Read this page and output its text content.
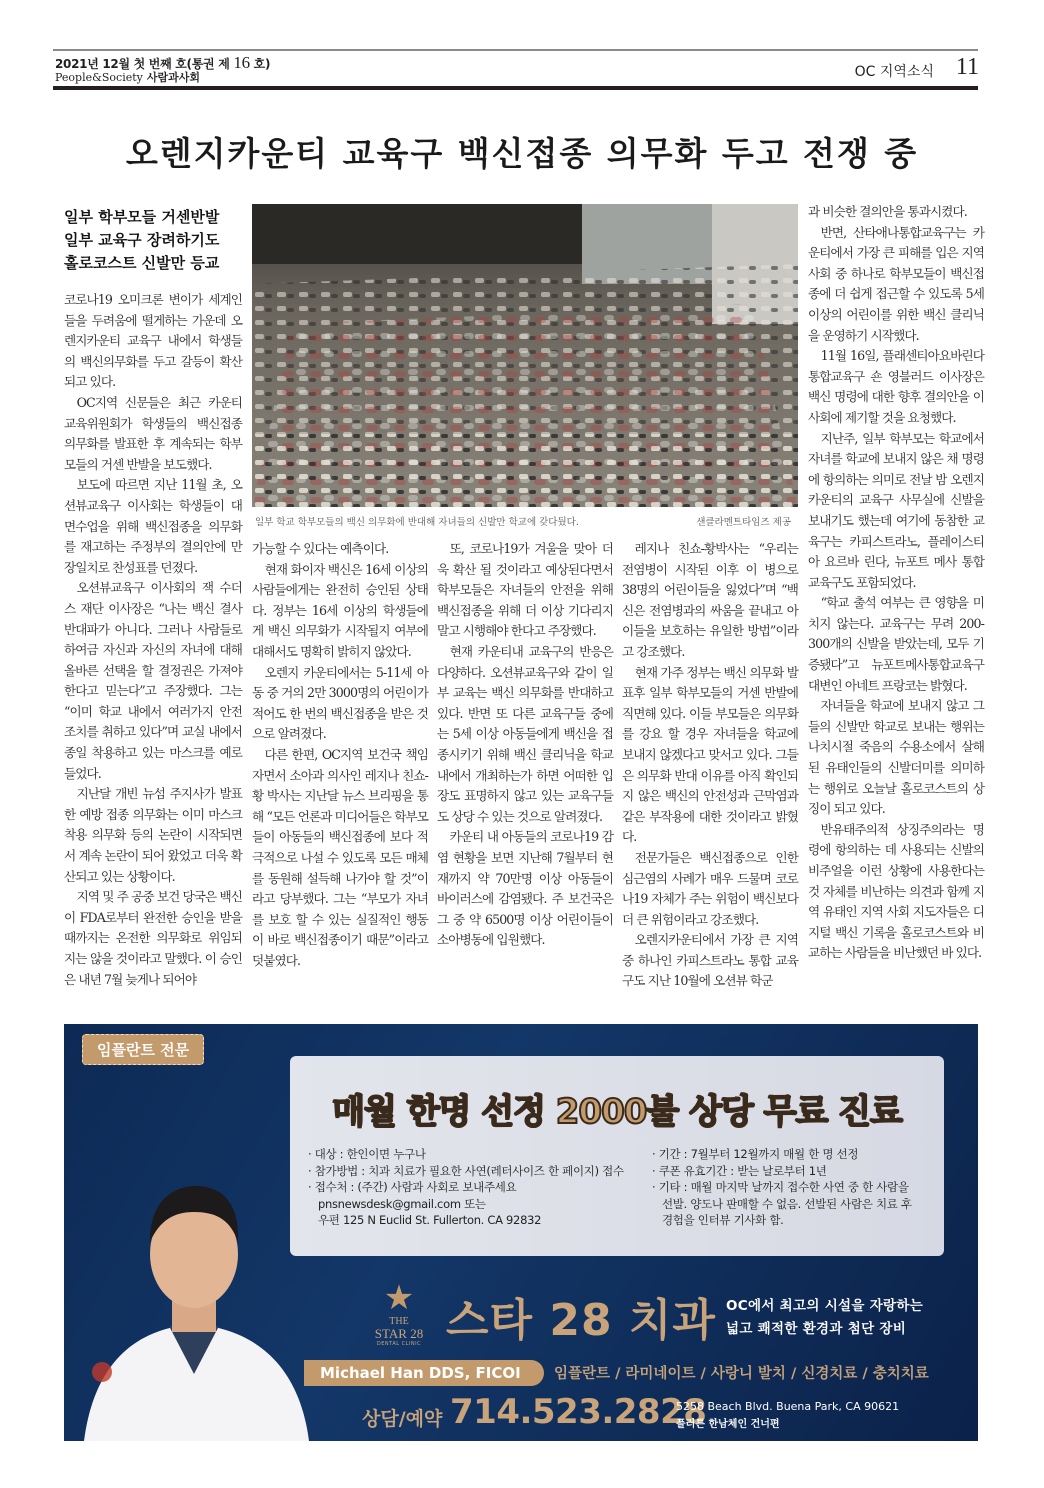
2021년 12월 첫 번째 호(통권 제 16 호)
People&Society 사람과사회	OC 지역소식 11
오렌지카운티 교육구 백신접종 의무화 두고 전쟁 중
일부 학부모들 거센반발
일부 교육구 장려하기도
홀로코스트 신발만 등교
일부 학교 학부모들의 백신 의무화에 반대해 자녀들의 신발만 학교에 갖다뒀다.	샌클라멘트타임즈 제공

코로나19 오미크론 변이가 세계인들을 두려움에 떨게하는 가운데 오렌지카운티 교육구 내에서 학생들의 백신의무화를 두고 갈등이 확산되고 있다.

OC지역 신문들은 최근 카운티 교육위원회가 학생들의 백신접종 의무화를 발표한 후 계속되는 학부모들의 거센 반발을 보도했다.

보도에 따르면 지난 11월 초, 오션뷰교육구 이사회는 학생들이 대면수업을 위해 백신접종을 의무화를 재고하는 주정부의 결의안에 만장일치로 찬성표를 던졌다.

오션뷰교육구 이사회의 잭 수더스 재단 이사장은 “나는 백신 결사 반대파가 아니다. 그러나 사람들로 하여금 자신과 자신의 자녀에 대해 올바른 선택을 할 결정권은 가져야 한다고 믿는다”고 주장했다. 그는 “이미 학교 내에서 여러가지 안전 조치를 취하고 있다”며 교실 내에서 종일 착용하고 있는 마스크를 예로 들었다.

지난달 개빈 뉴섬 주지사가 발표한 예방 접종 의무화는 이미 마스크 착용 의무화 등의 논란이 시작되면서 계속 논란이 되어 왔었고 더욱 확산되고 있는 상황이다.

지역 및 주 공중 보건 당국은 백신이 FDA로부터 완전한 승인을 받을 때까지는 온전한 의무화로 위임되지는 않을 것이라고 말했다. 이 승인은 내년 7월 늦게나 되어야

가능할 수 있다는 예측이다.

현재 화이자 백신은 16세 이상의 사람들에게는 완전히 승인된 상태다. 정부는 16세 이상의 학생들에게 백신 의무화가 시작될지 여부에 대해서도 명확히 밝히지 않았다.

오렌지 카운티에서는 5-11세 아동 중 거의 2만 3000명의 어린이가 적어도 한 번의 백신접종을 받은 것으로 알려졌다.

다른 한편, OC지역 보건국 책임자면서 소아과 의사인 레지나 친쇼-황 박사는 지난달 뉴스 브리핑을 통해 “모든 언론과 미디어들은 학부모들이 아동들의 백신접종에 보다 적극적으로 나설 수 있도록 모든 매체를 동원해 설득해 나가야 할 것”이라고 당부했다. 그는 “부모가 자녀를 보호 할 수 있는 실질적인 행동이 바로 백신접종이기 때문”이라고 덧붙였다.

또, 코로나19가 겨울을 맞아 더욱 확산 될 것이라고 예상된다면서 학부모들은 자녀들의 안전을 위해 백신접종을 위해 더 이상 기다리지 말고 시행해야 한다고 주장했다.

현재 카운티내 교육구의 반응은 다양하다. 오션뷰교육구와 같이 일부 교육는 백신 의무화를 반대하고 있다. 반면 또 다른 교육구들 중에는 5세 이상 아동들에게 백신을 접종시키기 위해 백신 클리닉을 학교 내에서 개최하는가 하면 어떠한 입장도 표명하지 않고 있는 교육구들도 상당 수 있는 것으로 알려졌다.

카운티 내 아동들의 코로나19 감염 현황을 보면 지난해 7월부터 현재까지 약 70만명 이상 아동들이 바이러스에 감염됐다. 주 보건국은 그 중 약 6500명 이상 어린이들이 소아병동에 입원했다.

레지나 친쇼-황박사는 “우리는 전염병이 시작된 이후 이 병으로 38명의 어린이들을 잃었다”며 “백신은 전염병과의 싸움을 끝내고 아이들을 보호하는 유일한 방법”이라고 강조했다.

현재 가주 정부는 백신 의무화 발표후 일부 학부모들의 거센 반발에 직면해 있다. 이들 부모들은 의무화를 강요 할 경우 자녀들을 학교에 보내지 않겠다고 맞서고 있다. 그들은 의무화 반대 이유를 아직 확인되지 않은 백신의 안전성과 근막염과 같은 부작용에 대한 것이라고 밝혔다.

전문가들은 백신접종으로 인한 심근염의 사례가 매우 드물며 코로나19 자체가 주는 위험이 백신보다 더 큰 위험이라고 강조했다.

오렌지카운티에서 가장 큰 지역 중 하나인 카피스트라노 통합 교육구도 지난 10월에 오션뷰 학군

과 비슷한 결의안을 통과시켰다.

반면, 산타애나통합교육구는 카운티에서 가장 큰 피해를 입은 지역 사회 중 하나로 학부모들이 백신접종에 더 쉽게 접근할 수 있도록 5세 이상의 어린이를 위한 백신 클리닉을 운영하기 시작했다.

11월 16일, 플래센티아요바린다 통합교육구 숀 영블러드 이사장은 백신 명령에 대한 향후 결의안을 이사회에 제기할 것을 요청했다.

지난주, 일부 학부모는 학교에서 자녀를 학교에 보내지 않은 채 명령에 항의하는 의미로 전날 밤 오렌지카운티의 교육구 사무실에 신발을 보내기도 했는데 여기에 동참한 교육구는 카피스트라노, 플레이스티아 요르바 린다, 뉴포트 메사 통합 교육구도 포함되었다.

“학교 출석 여부는 큰 영향을 미치지 않는다. 교육구는 무려 200-300개의 신발을 받았는데, 모두 기증됐다”고 뉴포트메사통합교육구 대변인 아네트 프랑코는 밝혔다.

자녀들을 학교에 보내지 않고 그들의 신발만 학교로 보내는 행위는 나치시절 죽음의 수용소에서 살해된 유태인들의 신발더미를 의미하는 행위로 오늘날 홀로코스트의 상징이 되고 있다.

반유태주의적 상징주의라는 명령에 항의하는 데 사용되는 신발의 비주얼을 이런 상황에 사용한다는 것 자체를 비난하는 의견과 함께 지역 유태인 지역 사회 지도자들은 디지털 백신 기록을 홀로코스트와 비교하는 사람들을 비난했던 바 있다.

임플란트 전문
매월 한명 선정 2000불 상당 무료 진료
· 대상 : 한인이면 누구나
· 참가방법 : 치과 치료가 필요한 사연(레터사이즈 한 페이지) 접수
· 접수처 : (주간) 사람과 사회로 보내주세요
pnsnewsdesk@gmail.com 또는
우편 125 N Euclid St. Fullerton. CA 92832
· 기간 : 7월부터 12월까지 매월 한 명 선정
· 쿠폰 유효기간 : 받는 날로부터 1년
· 기타 : 매월 마지막 날까지 접수한 사연 중 한 사람을
선발. 양도나 판매할 수 없음. 선발된 사람은 치료 후
경험을 인터뷰 기사화 함.
★
THE
STAR 28
DENTAL CLINIC 스타 28 치과 OC에서 최고의 시설을 자랑하는
넓고 쾌적한 환경과 첨단 장비
Michael Han DDS, FICOI	임플란트 / 라미네이트 / 사랑니 발치 / 신경치료 / 충치치료
상담/예약 714.523.2828
5258 Beach Blvd. Buena Park, CA 90621
플러튼 한남체인 건너편
